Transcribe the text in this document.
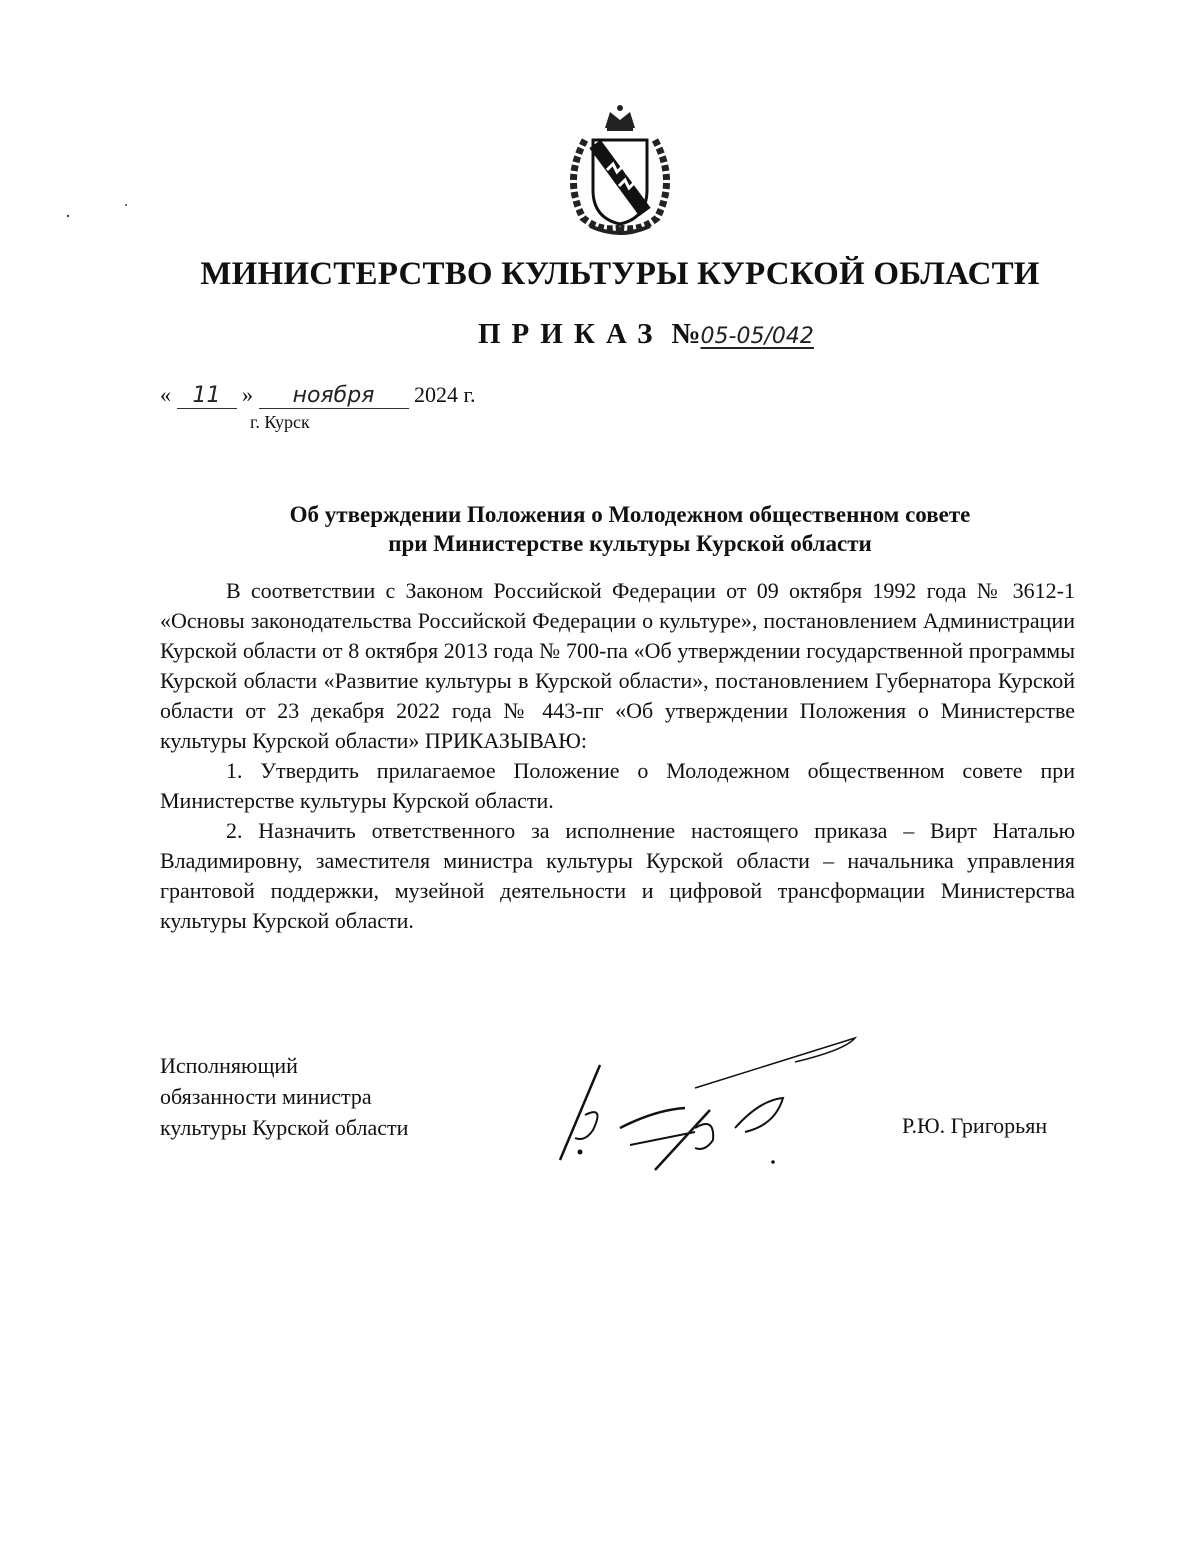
МИНИСТЕРСТВО КУЛЬТУРЫ КУРСКОЙ ОБЛАСТИ
ПРИКАЗ №05-05/042
« 11 » ноября 2024 г.
г. Курск
Об утверждении Положения о Молодежном общественном совете
при Министерстве культуры Курской области

В соответствии с Законом Российской Федерации от 09 октября 1992 года № 3612-1 «Основы законодательства Российской Федерации о культуре», постановлением Администрации Курской области от 8 октября 2013 года № 700-па «Об утверждении государственной программы Курской области «Развитие культуры в Курской области», постановлением Губернатора Курской области от 23 декабря 2022 года № 443-пг «Об утверждении Положения о Министерстве культуры Курской области» ПРИКАЗЫВАЮ:

1. Утвердить прилагаемое Положение о Молодежном общественном совете при Министерстве культуры Курской области.

2. Назначить ответственного за исполнение настоящего приказа – Вирт Наталью Владимировну, заместителя министра культуры Курской области – начальника управления грантовой поддержки, музейной деятельности и цифровой трансформации Министерства культуры Курской области.

Исполняющий
обязанности министра
культуры Курской области	Р.Ю. Григорьян
